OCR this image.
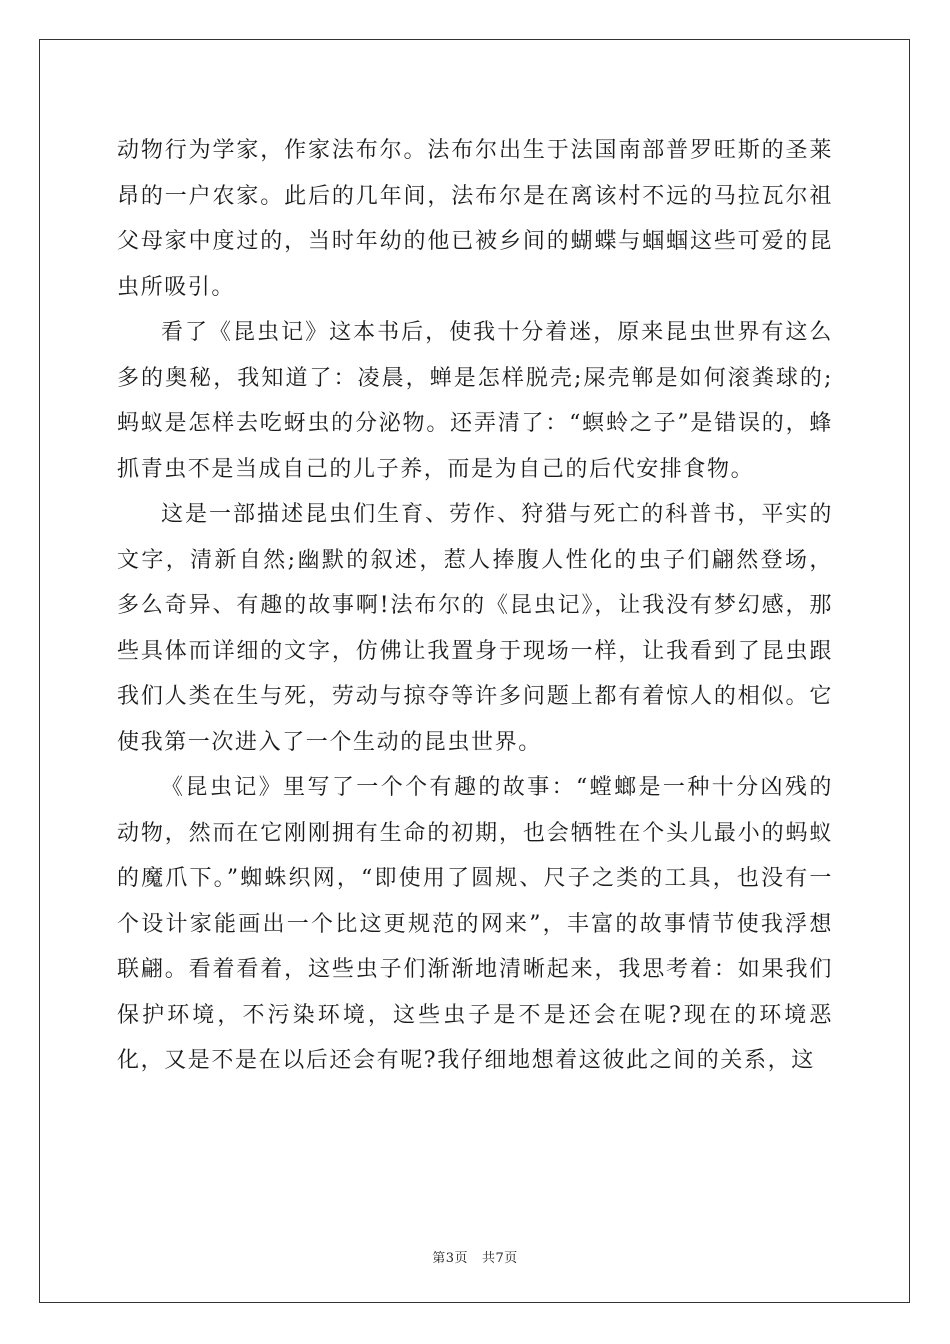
动物行为学家，作家法布尔。法布尔出生于法国南部普罗旺斯的圣莱昂的一户农家。此后的几年间，法布尔是在离该村不远的马拉瓦尔祖父母家中度过的，当时年幼的他已被乡间的蝴蝶与蝈蝈这些可爱的昆虫所吸引。

看了《昆虫记》这本书后，使我十分着迷，原来昆虫世界有这么多的奥秘，我知道了：凌晨，蝉是怎样脱壳;屎壳郸是如何滚粪球的;蚂蚁是怎样去吃蚜虫的分泌物。还弄清了：“螟蛉之子”是错误的，蜂抓青虫不是当成自己的儿子养，而是为自己的后代安排食物。

这是一部描述昆虫们生育、劳作、狩猎与死亡的科普书，平实的文字，清新自然;幽默的叙述，惹人捧腹人性化的虫子们翩然登场，多么奇异、有趣的故事啊!法布尔的《昆虫记》，让我没有梦幻感，那些具体而详细的文字，仿佛让我置身于现场一样，让我看到了昆虫跟我们人类在生与死，劳动与掠夺等许多问题上都有着惊人的相似。它使我第一次进入了一个生动的昆虫世界。

《昆虫记》里写了一个个有趣的故事：“螳螂是一种十分凶残的动物，然而在它刚刚拥有生命的初期，也会牺牲在个头儿最小的蚂蚁的魔爪下。”蜘蛛织网，“即使用了圆规、尺子之类的工具，也没有一个设计家能画出一个比这更规范的网来”，丰富的故事情节使我浮想联翩。看着看着，这些虫子们渐渐地清晰起来，我思考着：如果我们保护环境，不污染环境，这些虫子是不是还会在呢?现在的环境恶化，又是不是在以后还会有呢?我仔细地想着这彼此之间的关系，这

第3页 共7页
